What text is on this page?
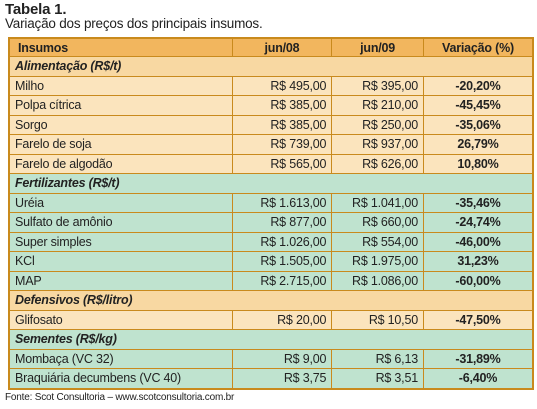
Tabela 1.
Variação dos preços dos principais insumos.
Insumos	jun/08	jun/09	Variação (%)
Alimentação (R$/t)			
Milho	R$ 495,00	R$ 395,00	-20,20%
Polpa cítrica	R$ 385,00	R$ 210,00	-45,45%
Sorgo	R$ 385,00	R$ 250,00	-35,06%
Farelo de soja	R$ 739,00	R$ 937,00	26,79%
Farelo de algodão	R$ 565,00	R$ 626,00	10,80%
Fertilizantes (R$/t)			
Uréia	R$ 1.613,00	R$ 1.041,00	-35,46%
Sulfato de amônio	R$ 877,00	R$ 660,00	-24,74%
Super simples	R$ 1.026,00	R$ 554,00	-46,00%
KCl	R$ 1.505,00	R$ 1.975,00	31,23%
MAP	R$ 2.715,00	R$ 1.086,00	-60,00%
Defensivos (R$/litro)			
Glifosato	R$ 20,00	R$ 10,50	-47,50%
Sementes (R$/kg)			
Mombaça (VC 32)	R$ 9,00	R$ 6,13	-31,89%
Braquiária decumbens (VC 40)	R$ 3,75	R$ 3,51	-6,40%
Fonte: Scot Consultoria – www.scotconsultoria.com.br
